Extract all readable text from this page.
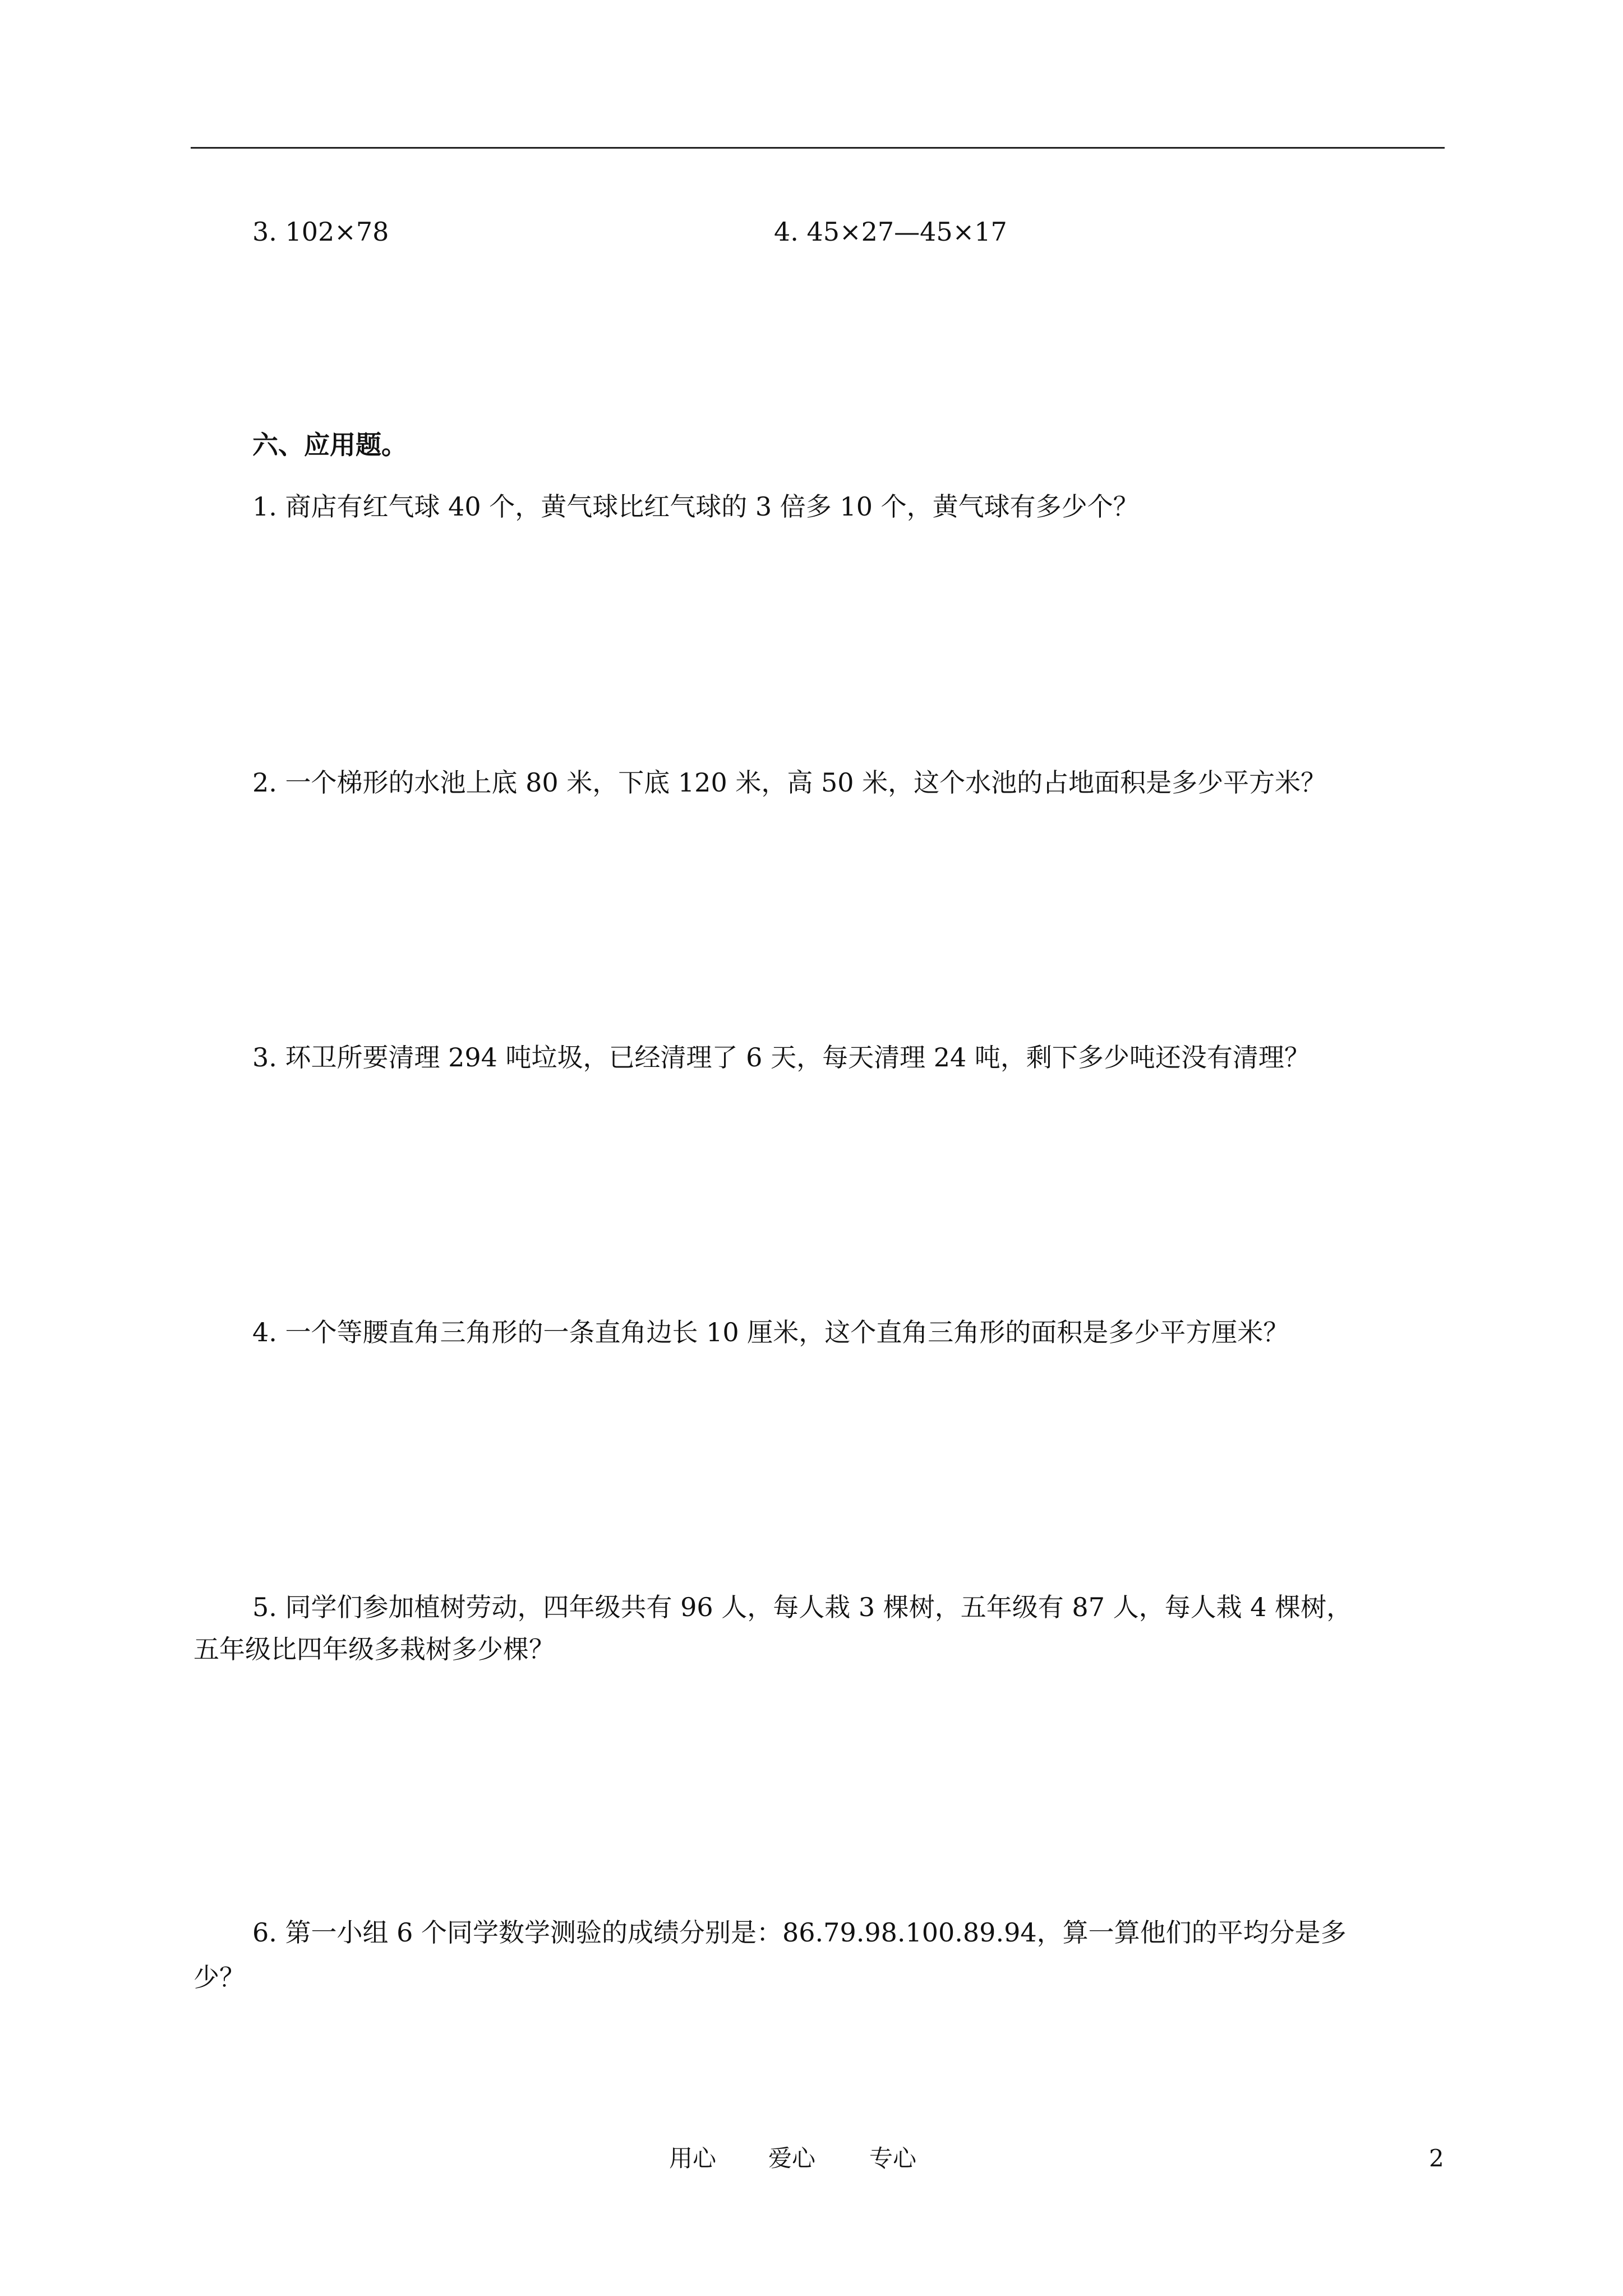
3. 102×78	4. 45×27—45×17
六、应用题。
1. 商店有红气球 40 个，黄气球比红气球的 3 倍多 10 个，黄气球有多少个？
2. 一个梯形的水池上底 80 米，下底 120 米，高 50 米，这个水池的占地面积是多少平方米？
3. 环卫所要清理 294 吨垃圾，已经清理了 6 天，每天清理 24 吨，剩下多少吨还没有清理？
4. 一个等腰直角三角形的一条直角边长 10 厘米，这个直角三角形的面积是多少平方厘米？
5. 同学们参加植树劳动，四年级共有 96 人，每人栽 3 棵树，五年级有 87 人，每人栽 4 棵树，
五年级比四年级多栽树多少棵？
6. 第一小组 6 个同学数学测验的成绩分别是：86.79.98.100.89.94，算一算他们的平均分是多
少？
用心 爱心 专心	2
